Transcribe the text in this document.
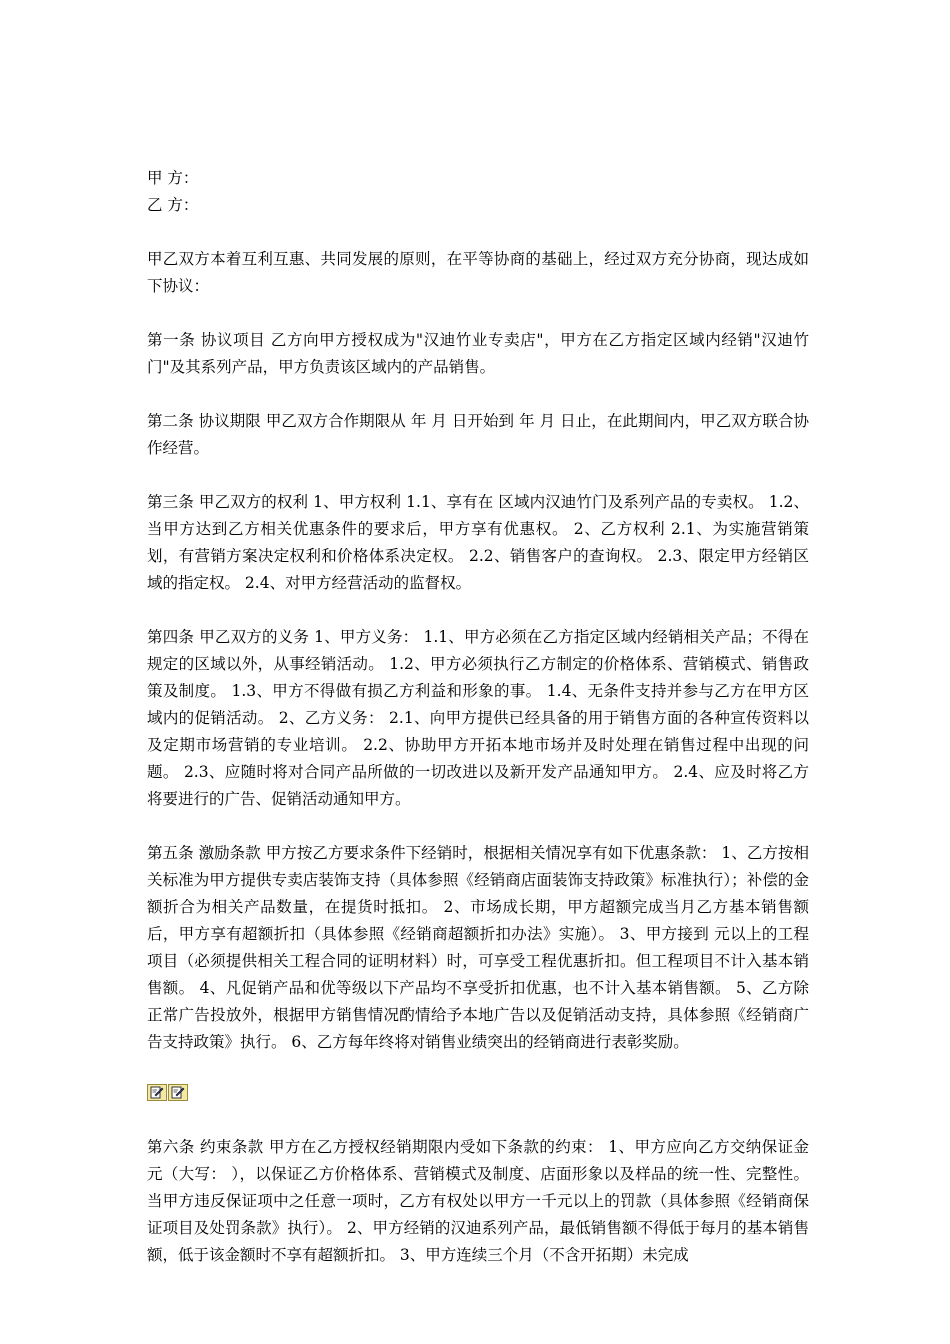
甲 方：
乙 方：

甲乙双方本着互利互惠、共同发展的原则，在平等协商的基础上，经过双方充分协商，现达成如下协议：

第一条 协议项目 乙方向甲方授权成为"汉迪竹业专卖店"，甲方在乙方指定区域内经销"汉迪竹门"及其系列产品，甲方负责该区域内的产品销售。

第二条 协议期限 甲乙双方合作期限从 年 月 日开始到 年 月 日止，在此期间内，甲乙双方联合协作经营。

第三条 甲乙双方的权利 1、甲方权利 1.1、享有在 区域内汉迪竹门及系列产品的专卖权。 1.2、当甲方达到乙方相关优惠条件的要求后，甲方享有优惠权。 2、乙方权利 2.1、为实施营销策划，有营销方案决定权利和价格体系决定权。 2.2、销售客户的查询权。 2.3、限定甲方经销区域的指定权。 2.4、对甲方经营活动的监督权。

第四条 甲乙双方的义务 1、甲方义务： 1.1、甲方必须在乙方指定区域内经销相关产品；不得在规定的区域以外，从事经销活动。 1.2、甲方必须执行乙方制定的价格体系、营销模式、销售政策及制度。 1.3、甲方不得做有损乙方利益和形象的事。 1.4、无条件支持并参与乙方在甲方区域内的促销活动。 2、乙方义务： 2.1、向甲方提供已经具备的用于销售方面的各种宣传资料以及定期市场营销的专业培训。 2.2、协助甲方开拓本地市场并及时处理在销售过程中出现的问题。 2.3、应随时将对合同产品所做的一切改进以及新开发产品通知甲方。 2.4、应及时将乙方将要进行的广告、促销活动通知甲方。

第五条 激励条款 甲方按乙方要求条件下经销时，根据相关情况享有如下优惠条款： 1、乙方按相关标准为甲方提供专卖店装饰支持（具体参照《经销商店面装饰支持政策》标准执行）；补偿的金额折合为相关产品数量，在提货时抵扣。 2、市场成长期，甲方超额完成当月乙方基本销售额后，甲方享有超额折扣（具体参照《经销商超额折扣办法》实施）。 3、甲方接到 元以上的工程项目（必须提供相关工程合同的证明材料）时，可享受工程优惠折扣。但工程项目不计入基本销售额。 4、凡促销产品和优等级以下产品均不享受折扣优惠，也不计入基本销售额。 5、乙方除正常广告投放外，根据甲方销售情况酌情给予本地广告以及促销活动支持，具体参照《经销商广告支持政策》执行。 6、乙方每年终将对销售业绩突出的经销商进行表彰奖励。

第六条 约束条款 甲方在乙方授权经销期限内受如下条款的约束： 1、甲方应向乙方交纳保证金 元（大写： ），以保证乙方价格体系、营销模式及制度、店面形象以及样品的统一性、完整性。当甲方违反保证项中之任意一项时，乙方有权处以甲方一千元以上的罚款（具体参照《经销商保证项目及处罚条款》执行）。 2、甲方经销的汉迪系列产品，最低销售额不得低于每月的基本销售额，低于该金额时不享有超额折扣。 3、甲方连续三个月（不含开拓期）未完成
